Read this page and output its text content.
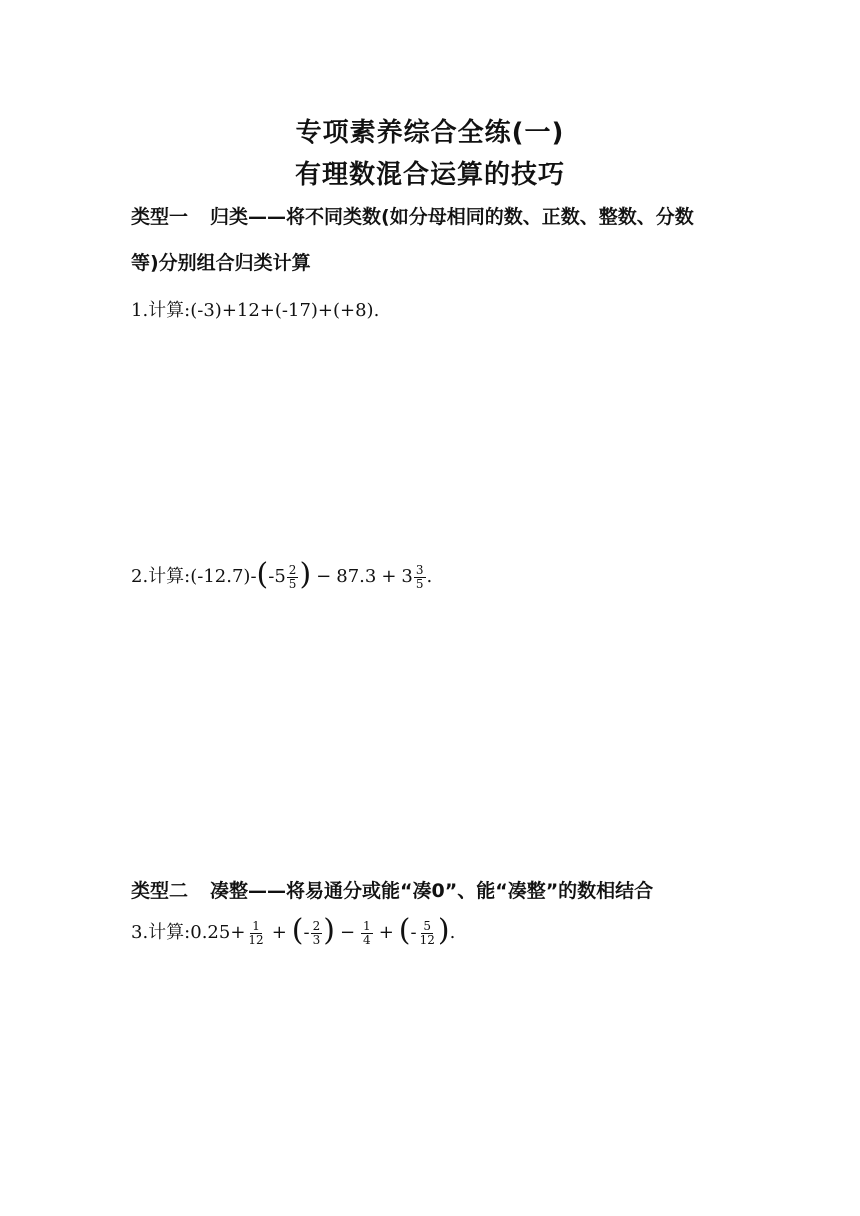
专项素养综合全练(一)
有理数混合运算的技巧
类型一 归类——将不同类数(如分母相同的数、正数、整数、分数
等)分别组合归类计算
1.计算:(-3)+12+(-17)+(+8).
2.计算:(-12.7)-(-5 $\frac{2}{5}$ ) − $87.3 + 3 \frac{3}{5}$ .
类型二 凑整——将易通分或能“凑0”、能“凑整”的数相结合
3.计算:0.25+ $\frac{1}{12}$ + (- $\frac{2}{3}$ ) − $\frac{1}{4}$ + (- $\frac{5}{12}$ ).
